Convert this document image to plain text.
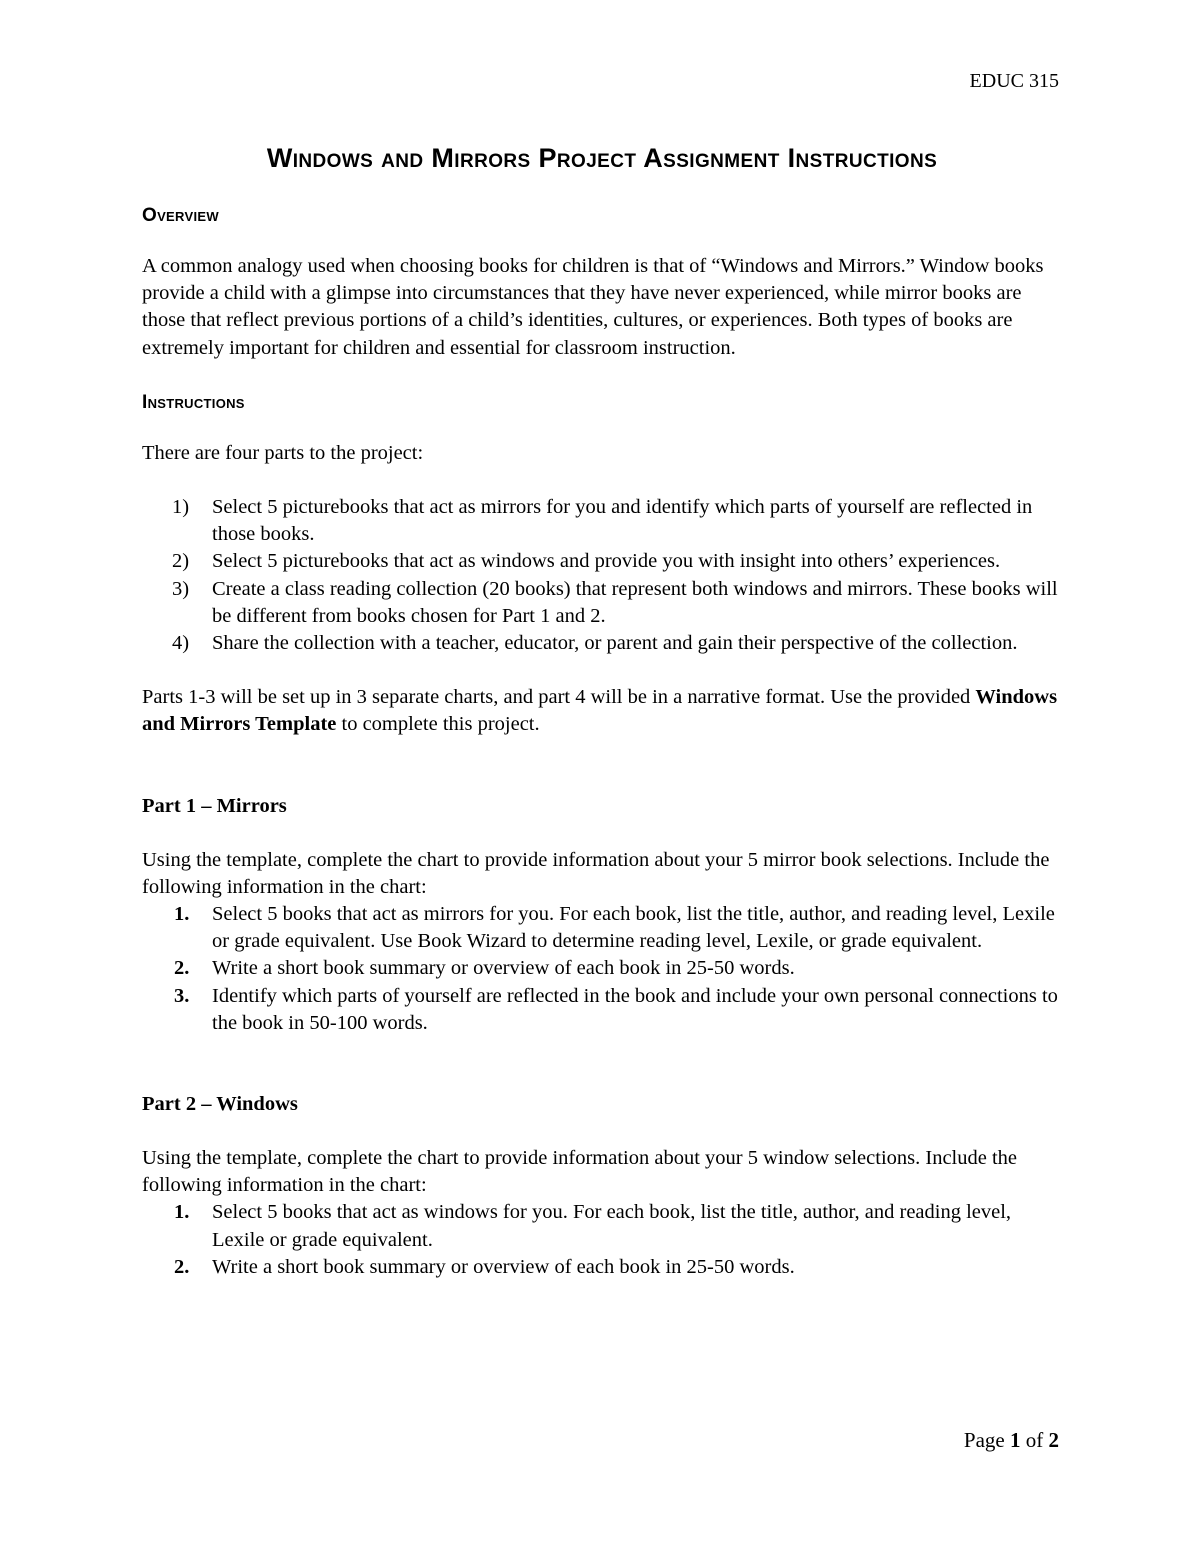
EDUC 315
Windows and Mirrors Project Assignment Instructions
Overview

A common analogy used when choosing books for children is that of “Windows and Mirrors.” Window books provide a child with a glimpse into circumstances that they have never experienced, while mirror books are those that reflect previous portions of a child’s identities, cultures, or experiences. Both types of books are extremely important for children and essential for classroom instruction.

Instructions

There are four parts to the project:

1) Select 5 picturebooks that act as mirrors for you and identify which parts of yourself are reflected in those books.
2) Select 5 picturebooks that act as windows and provide you with insight into others’ experiences.
3) Create a class reading collection (20 books) that represent both windows and mirrors. These books will be different from books chosen for Part 1 and 2.
4) Share the collection with a teacher, educator, or parent and gain their perspective of the collection.

Parts 1-3 will be set up in 3 separate charts, and part 4 will be in a narrative format. Use the provided Windows and Mirrors Template to complete this project.

Part 1 – Mirrors

Using the template, complete the chart to provide information about your 5 mirror book selections. Include the following information in the chart:

1. Select 5 books that act as mirrors for you. For each book, list the title, author, and reading level, Lexile or grade equivalent. Use Book Wizard to determine reading level, Lexile, or grade equivalent.
2. Write a short book summary or overview of each book in 25-50 words.
3. Identify which parts of yourself are reflected in the book and include your own personal connections to the book in 50-100 words.

Part 2 – Windows

Using the template, complete the chart to provide information about your 5 window selections. Include the following information in the chart:

1. Select 5 books that act as windows for you. For each book, list the title, author, and reading level, Lexile or grade equivalent.
2. Write a short book summary or overview of each book in 25-50 words.
Page 1 of 2
